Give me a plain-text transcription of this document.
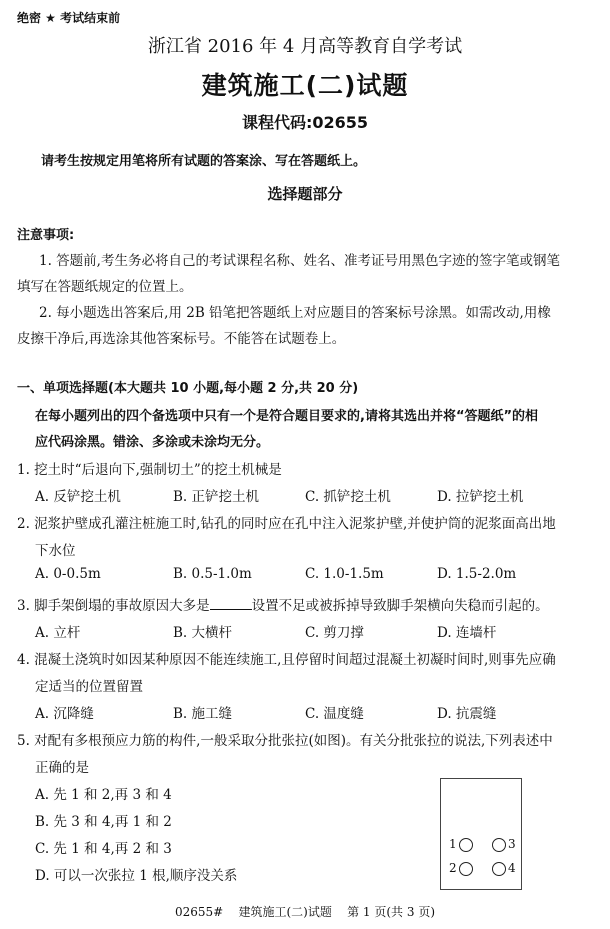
绝密 ★ 考试结束前
浙江省 2016 年 4 月高等教育自学考试
建筑施工(二)试题
课程代码:02655
请考生按规定用笔将所有试题的答案涂、写在答题纸上。
选择题部分
注意事项:
1. 答题前,考生务必将自己的考试课程名称、姓名、准考证号用黑色字迹的签字笔或钢笔
填写在答题纸规定的位置上。
2. 每小题选出答案后,用 2B 铅笔把答题纸上对应题目的答案标号涂黑。如需改动,用橡
皮擦干净后,再选涂其他答案标号。不能答在试题卷上。
一、单项选择题(本大题共 10 小题,每小题 2 分,共 20 分)
在每小题列出的四个备选项中只有一个是符合题目要求的,请将其选出并将“答题纸”的相
应代码涂黑。错涂、多涂或未涂均无分。
1. 挖土时“后退向下,强制切土”的挖土机械是
A. 反铲挖土机	B. 正铲挖土机	C. 抓铲挖土机	D. 拉铲挖土机
2. 泥浆护壁成孔灌注桩施工时,钻孔的同时应在孔中注入泥浆护壁,并使护筒的泥浆面高出地
下水位
A. 0-0.5m	B. 0.5-1.0m	C. 1.0-1.5m	D. 1.5-2.0m
3. 脚手架倒塌的事故原因大多是	设置不足或被拆掉导致脚手架横向失稳而引起的。
A. 立杆	B. 大横杆	C. 剪刀撑	D. 连墙杆
4. 混凝土浇筑时如因某种原因不能连续施工,且停留时间超过混凝土初凝时间时,则事先应确
定适当的位置留置
A. 沉降缝	B. 施工缝	C. 温度缝	D. 抗震缝
5. 对配有多根预应力筋的构件,一般采取分批张拉(如图)。有关分批张拉的说法,下列表述中
正确的是
A. 先 1 和 2,再 3 和 4
B. 先 3 和 4,再 1 和 2
C. 先 1 和 4,再 2 和 3
D. 可以一次张拉 1 根,顺序没关系
1	3
2	4
02655#    建筑施工(二)试题    第 1 页(共 3 页)
